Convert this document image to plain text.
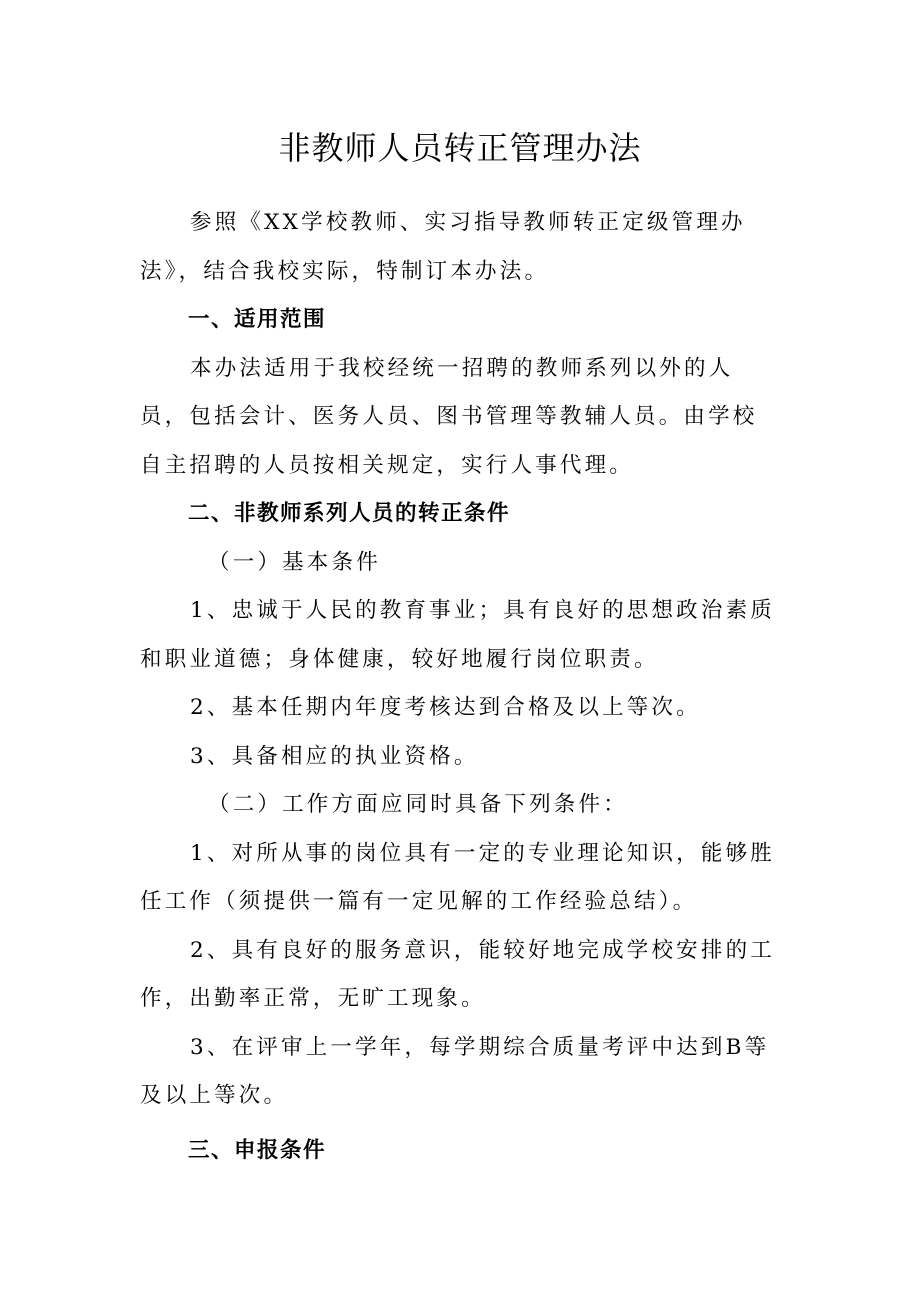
非教师人员转正管理办法

参照《XX学校教师、实习指导教师转正定级管理办法》，结合我校实际，特制订本办法。

一、适用范围

本办法适用于我校经统一招聘的教师系列以外的人员，包括会计、医务人员、图书管理等教辅人员。由学校自主招聘的人员按相关规定，实行人事代理。

二、非教师系列人员的转正条件

（一）基本条件

1、忠诚于人民的教育事业；具有良好的思想政治素质和职业道德；身体健康，较好地履行岗位职责。

2、基本任期内年度考核达到合格及以上等次。

3、具备相应的执业资格。

（二）工作方面应同时具备下列条件：

1、对所从事的岗位具有一定的专业理论知识，能够胜任工作（须提供一篇有一定见解的工作经验总结）。

2、具有良好的服务意识，能较好地完成学校安排的工作，出勤率正常，无旷工现象。

3、在评审上一学年，每学期综合质量考评中达到B等及以上等次。

三、申报条件
